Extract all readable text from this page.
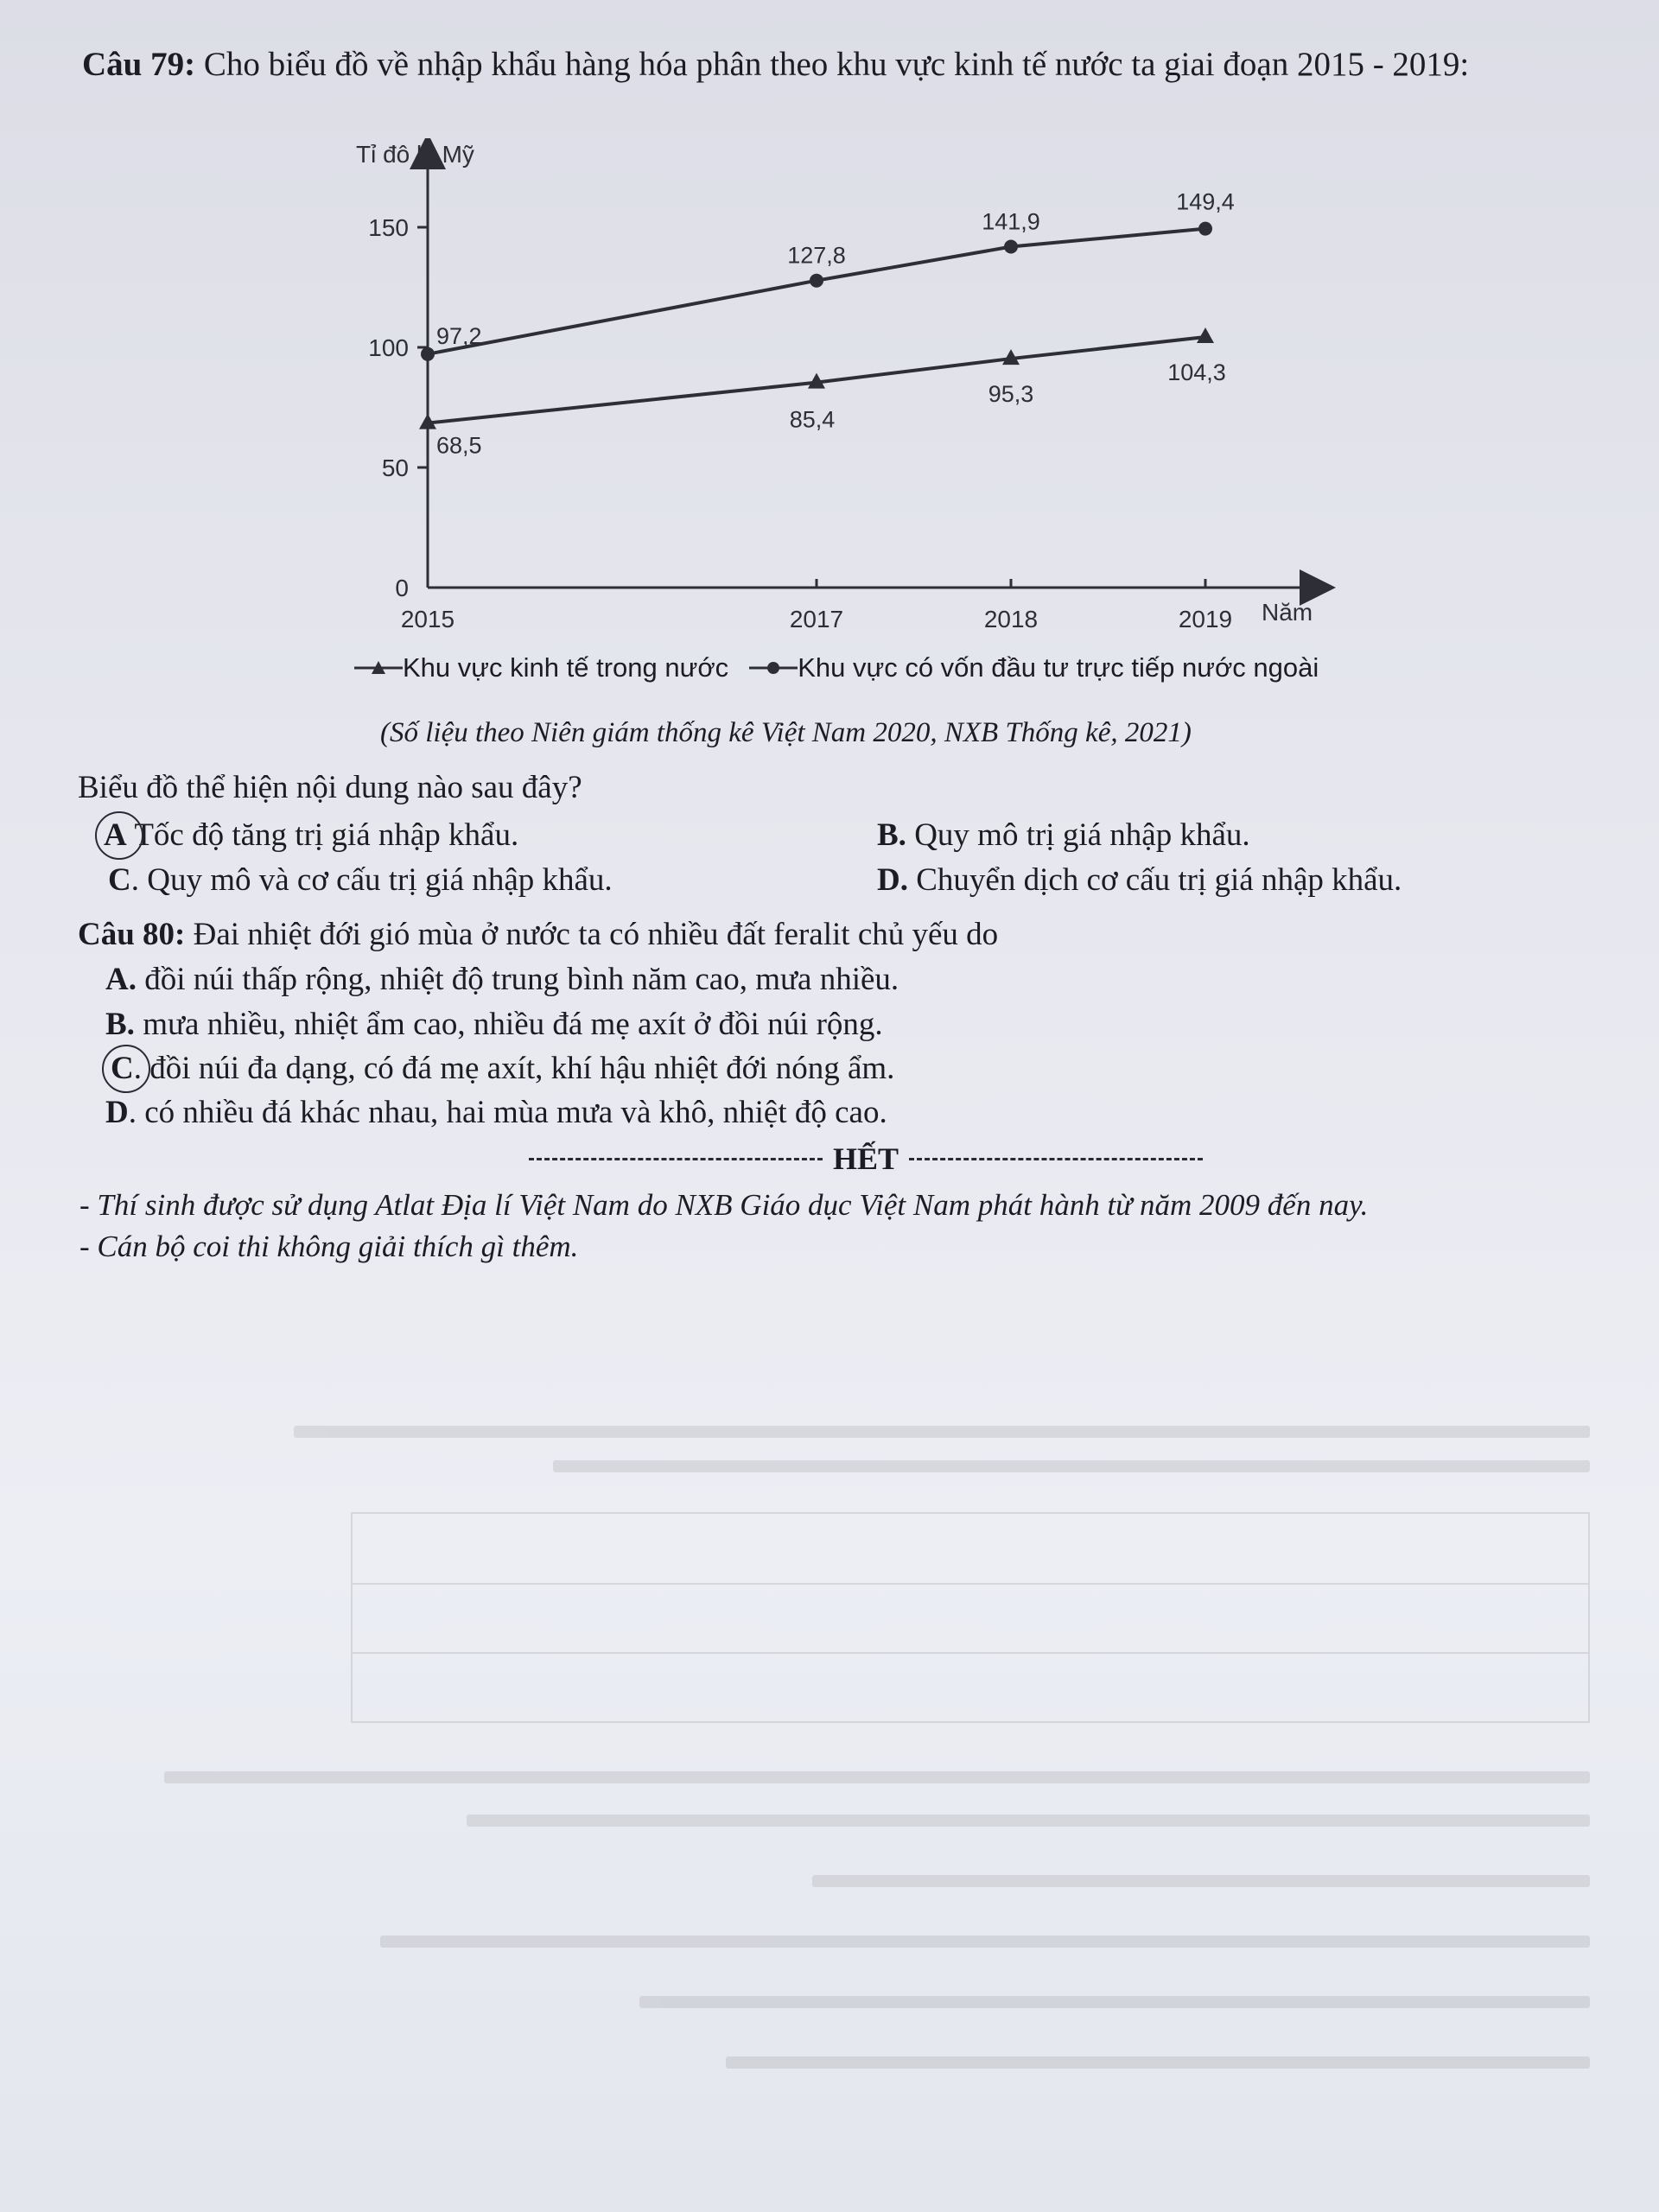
Câu 79: Cho biểu đồ về nhập khẩu hàng hóa phân theo khu vực kinh tế nước ta giai đoạn 2015 - 2019:
Tỉ đô la Mỹ
Năm
0
50
100
150
2015	2017	2018	2019
68,5
85,4
95,3
104,3
97,2
127,8
141,9
149,4
Khu vực kinh tế trong nước	Khu vực có vốn đầu tư trực tiếp nước ngoài
(Số liệu theo Niên giám thống kê Việt Nam 2020, NXB Thống kê, 2021)
Biểu đồ thể hiện nội dung nào sau đây?
A Tốc độ tăng trị giá nhập khẩu.	B. Quy mô trị giá nhập khẩu.
C. Quy mô và cơ cấu trị giá nhập khẩu.	D. Chuyển dịch cơ cấu trị giá nhập khẩu.
Câu 80: Đai nhiệt đới gió mùa ở nước ta có nhiều đất feralit chủ yếu do
A. đồi núi thấp rộng, nhiệt độ trung bình năm cao, mưa nhiều.
B. mưa nhiều, nhiệt ẩm cao, nhiều đá mẹ axít ở đồi núi rộng.
C. đồi núi đa dạng, có đá mẹ axít, khí hậu nhiệt đới nóng ẩm.
D. có nhiều đá khác nhau, hai mùa mưa và khô, nhiệt độ cao.
HẾT
- Thí sinh được sử dụng Atlat Địa lí Việt Nam do NXB Giáo dục Việt Nam phát hành từ năm 2009 đến nay.
- Cán bộ coi thi không giải thích gì thêm.
